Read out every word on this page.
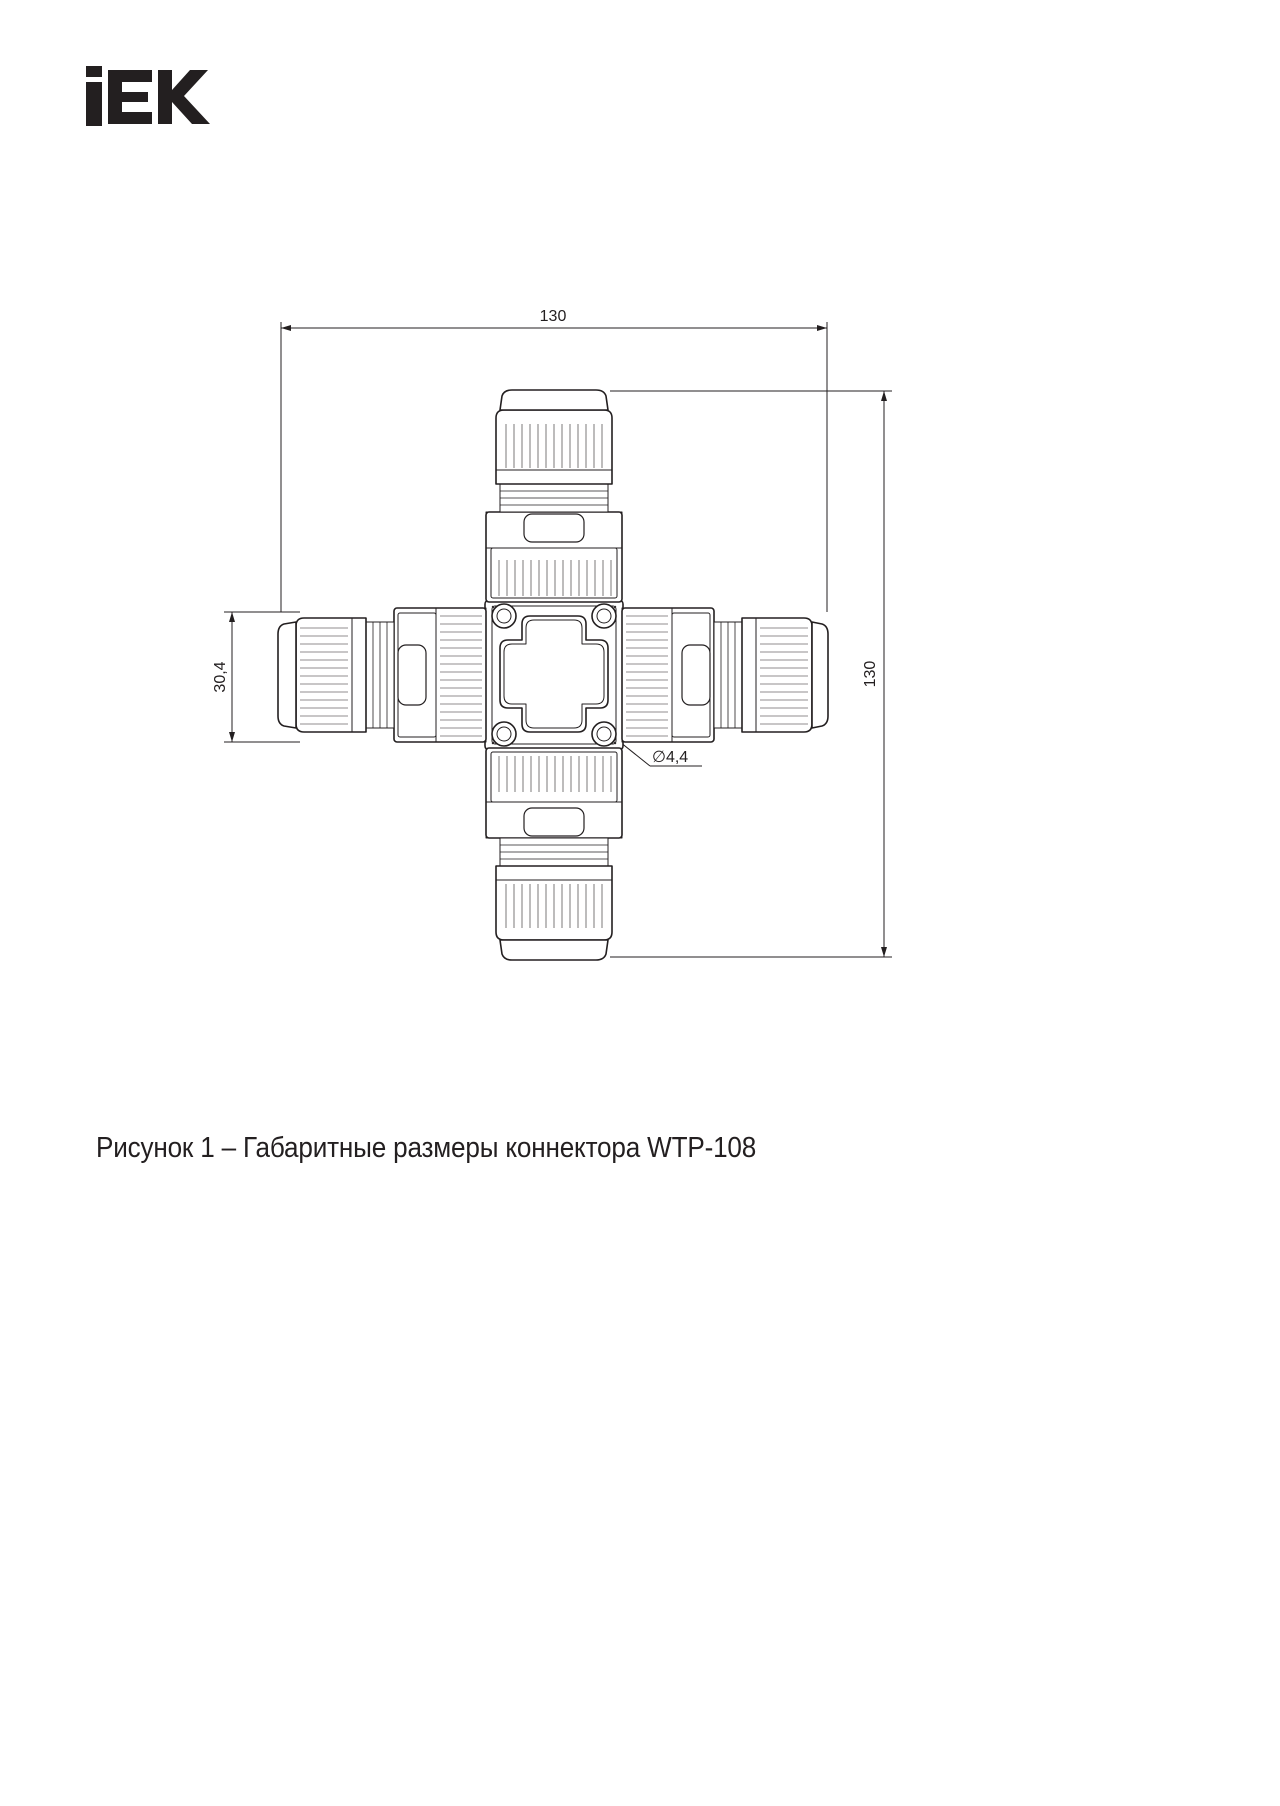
130
130
30,4
∅4,4
Рисунок 1 – Габаритные размеры коннектора WTP-108
